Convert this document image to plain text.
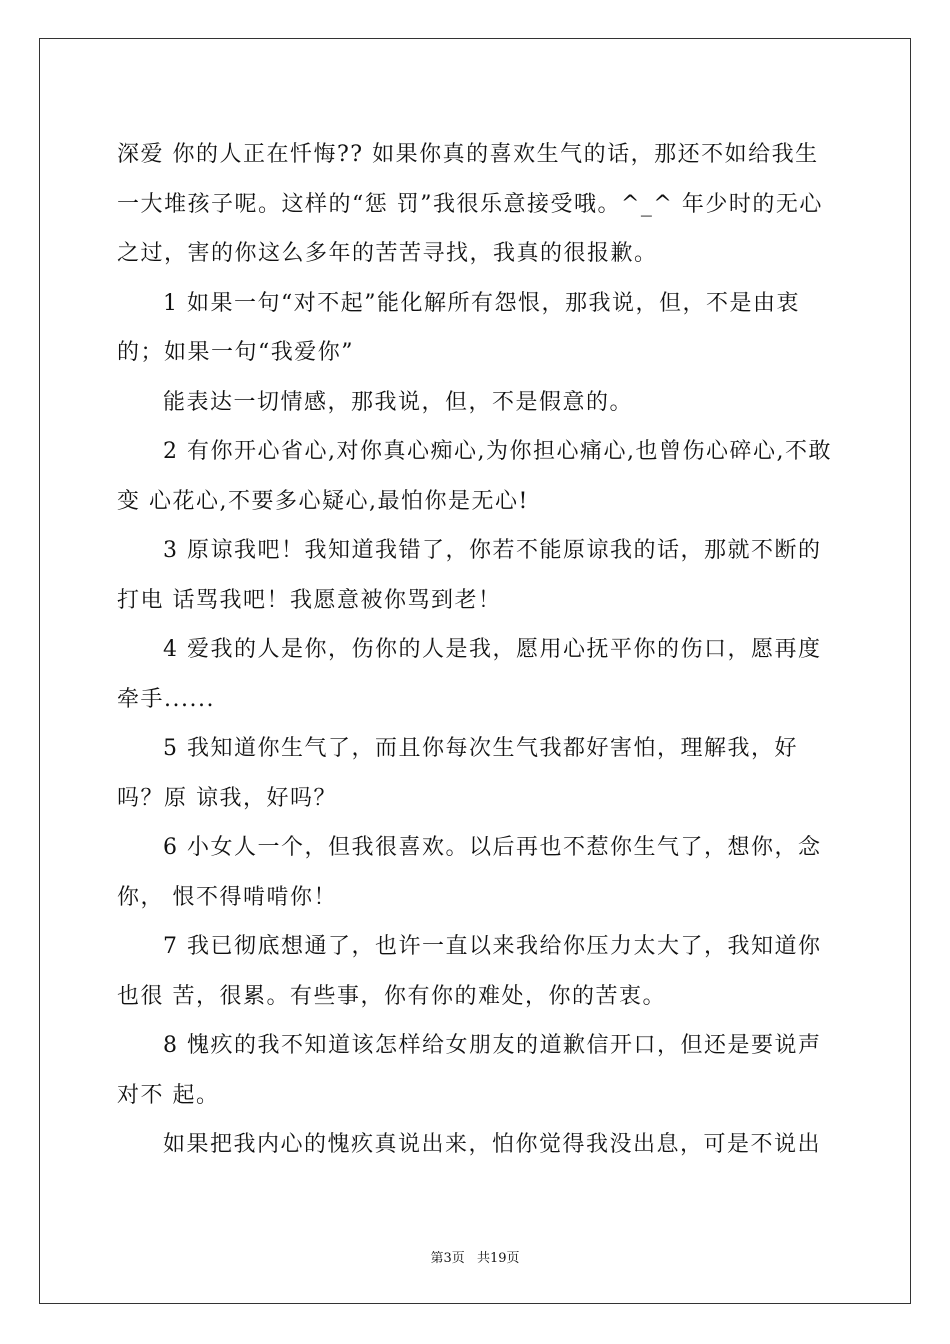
深爱 你的人正在忏悔?? 如果你真的喜欢生气的话，那还不如给我生一大堆孩子呢。这样的“惩 罚”我很乐意接受哦。^_^ 年少时的无心之过，害的你这么多年的苦苦寻找，我真的很报歉。

1 如果一句“对不起”能化解所有怨恨，那我说，但，不是由衷的；如果一句“我爱你”

能表达一切情感，那我说，但，不是假意的。

2 有你开心省心,对你真心痴心,为你担心痛心,也曾伤心碎心,不敢变 心花心,不要多心疑心,最怕你是无心!

3 原谅我吧！我知道我错了，你若不能原谅我的话，那就不断的打电 话骂我吧！我愿意被你骂到老！

4 爱我的人是你，伤你的人是我，愿用心抚平你的伤口，愿再度牵手......

5 我知道你生气了，而且你每次生气我都好害怕，理解我，好吗？原 谅我，好吗？

6 小女人一个，但我很喜欢。以后再也不惹你生气了，想你，念你， 恨不得啃啃你！

7 我已彻底想通了，也许一直以来我给你压力太大了，我知道你也很 苦，很累。有些事，你有你的难处，你的苦衷。

8 愧疚的我不知道该怎样给女朋友的道歉信开口，但还是要说声对不 起。

如果把我内心的愧疚真说出来，怕你觉得我没出息，可是不说出

第3页 共19页
